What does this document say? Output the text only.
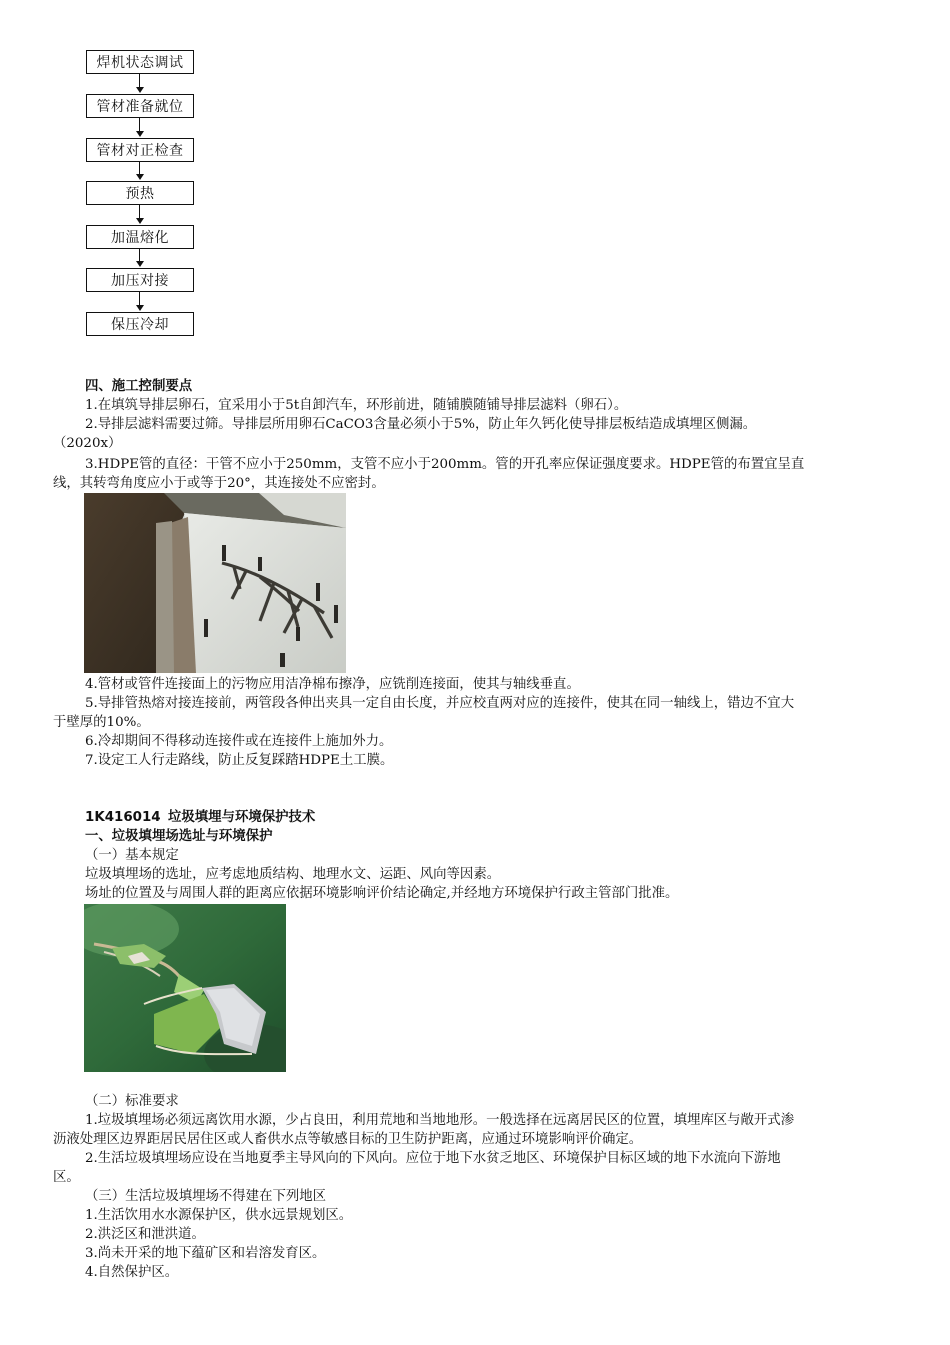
焊机状态调试
管材准备就位
管材对正检查
预热
加温熔化
加压对接
保压冷却
四、施工控制要点
1.在填筑导排层卵石，宜采用小于5t自卸汽车，环形前进，随铺膜随铺导排层滤料（卵石）。
2.导排层滤料需要过筛。导排层所用卵石CaCO3含量必须小于5%，防止年久钙化使导排层板结造成填埋区侧漏。
（2020x）
3.HDPE管的直径：干管不应小于250mm，支管不应小于200mm。管的开孔率应保证强度要求。HDPE管的布置宜呈直
线，其转弯角度应小于或等于20°，其连接处不应密封。
4.管材或管件连接面上的污物应用洁净棉布擦净，应铣削连接面，使其与轴线垂直。
5.导排管热熔对接连接前，两管段各伸出夹具一定自由长度，并应校直两对应的连接件，使其在同一轴线上，错边不宜大
于壁厚的10%。
6.冷却期间不得移动连接件或在连接件上施加外力。
7.设定工人行走路线，防止反复踩踏HDPE土工膜。
1K416014 垃圾填埋与环境保护技术
一、垃圾填埋场选址与环境保护
（一）基本规定
垃圾填埋场的选址，应考虑地质结构、地理水文、运距、风向等因素。
场址的位置及与周围人群的距离应依据环境影响评价结论确定,并经地方环境保护行政主管部门批准。
（二）标准要求
1.垃圾填埋场必须远离饮用水源，少占良田，利用荒地和当地地形。一般选择在远离居民区的位置，填埋库区与敞开式渗
沥液处理区边界距居民居住区或人畜供水点等敏感目标的卫生防护距离，应通过环境影响评价确定。
2.生活垃圾填埋场应设在当地夏季主导风向的下风向。应位于地下水贫乏地区、环境保护目标区域的地下水流向下游地
区。
（三）生活垃圾填埋场不得建在下列地区
1.生活饮用水水源保护区，供水远景规划区。
2.洪泛区和泄洪道。
3.尚未开采的地下蕴矿区和岩溶发育区。
4.自然保护区。
